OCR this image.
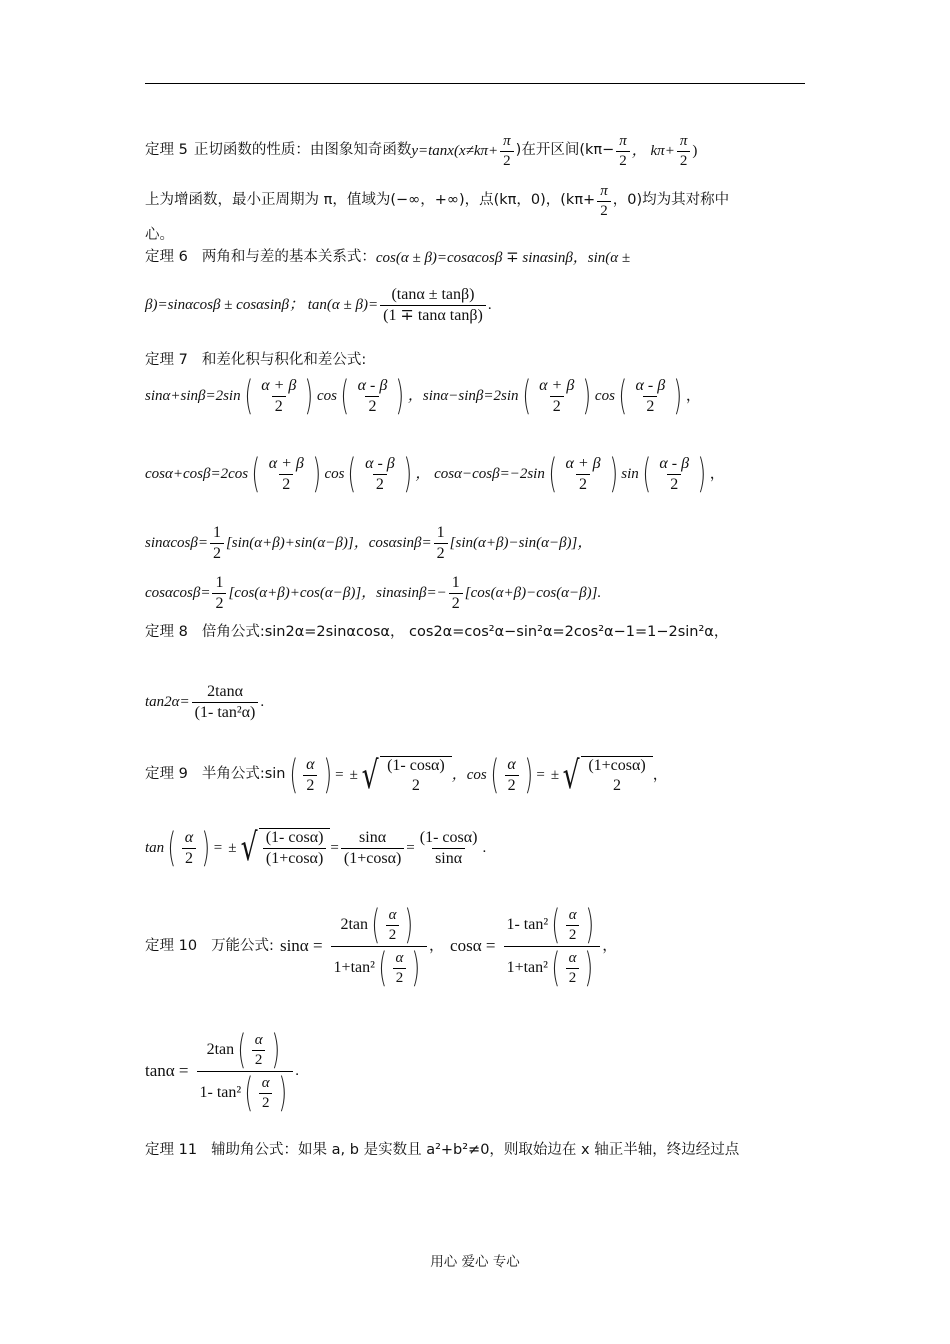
定理 5 正切函数的性质：由图象知奇函数 $y=\tan x(x\ne k\pi+ \frac{\pi}{2}$ )在开区间($k\pi- \frac{\pi}{2}$ ， $k\pi+ \frac{\pi}{2}$ )
上为增函数，最小正周期为 π，值域为(−∞，+∞)，点(kπ，0)，($k\pi+ \frac{\pi}{2}$ ，0)均为其对称中
心。
定理 6 两角和与差的基本关系式： cos(α ± β)=cosαcosβ ∓ sinαsinβ，sin(α ±
β)=sinαcosβ ± cosαsinβ； $\tan(\alpha \pm \beta)= \frac{(\tan\alpha \pm \tan\beta)}{\text{(1 ∓ tanα tanβ)}}$ .
定理 7 和差化积与积化和差公式:
sinα+sinβ=2sin ( $\frac{\alpha + \beta}{2}$ ) cos ( $\frac{\alpha - \beta}{2}$ ) ，sinα−sinβ=2sin ( $\frac{\alpha + \beta}{2}$ ) cos ( $\frac{\alpha - \beta}{2}$ ) ，
cosα+cosβ=2cos ( $\frac{\alpha + \beta}{2}$ ) cos ( $\frac{\alpha - \beta}{2}$ ) ， cosα−cosβ=−2sin ( $\frac{\alpha + \beta}{2}$ ) sin ( $\frac{\alpha - \beta}{2}$ ) ，
$\sin\alpha\cos\beta= \frac{1}{2} [\sin(\alpha+\beta)+\sin(\alpha-\beta)]$，$\cos\alpha\sin\beta= \frac{1}{2} [\sin(\alpha+\beta)-\sin(\alpha-\beta)]$，
$\cos\alpha\cos\beta= \frac{1}{2} [\cos(\alpha+\beta)+\cos(\alpha-\beta)]$，$\sin\alpha\sin\beta=- \frac{1}{2} [\cos(\alpha+\beta)-\cos(\alpha-\beta)]$.
定理 8 倍角公式:sin2α=2sinαcosα， cos2α=cos²α−sin²α=2cos²α−1=1−2sin²α，
$\tan 2\alpha= \frac{2\tan\alpha}{\text{(1- tan²α)}}$ .
定理 9 半角公式:sin ( $\frac{\alpha}{2}$ ) = ± √ (1- cosα)
2
，cos ( $\frac{\alpha}{2}$ ) = ± √ (1+cosα)
2
，
tan ( $\frac{\alpha}{2}$ ) = ± √ $\frac{(1- \cos\alpha)}{(1+\cos\alpha)} = \frac{\sin\alpha}{(1+\cos\alpha)} = \frac{(1- \cos\alpha)}{\sin\alpha}$ .
定理 10 万能公式: $\sin\alpha = \frac{2\tan ( \frac{\alpha}{2} )}{1+\tan^2 ( \frac{\alpha}{2} )}$ ， $\cos\alpha = \frac{1- \tan^2 ( \frac{\alpha}{2} )}{1+\tan^2 ( \frac{\alpha}{2} )}$ ，
$\tan\alpha = \frac{2\tan ( \frac{\alpha}{2} )}{1- \tan^2 ( \frac{\alpha}{2} )}$ .
定理 11 辅助角公式：如果 a, b 是实数且 a²+b²≠0，则取始边在 x 轴正半轴，终边经过点
用心 爱心 专心
